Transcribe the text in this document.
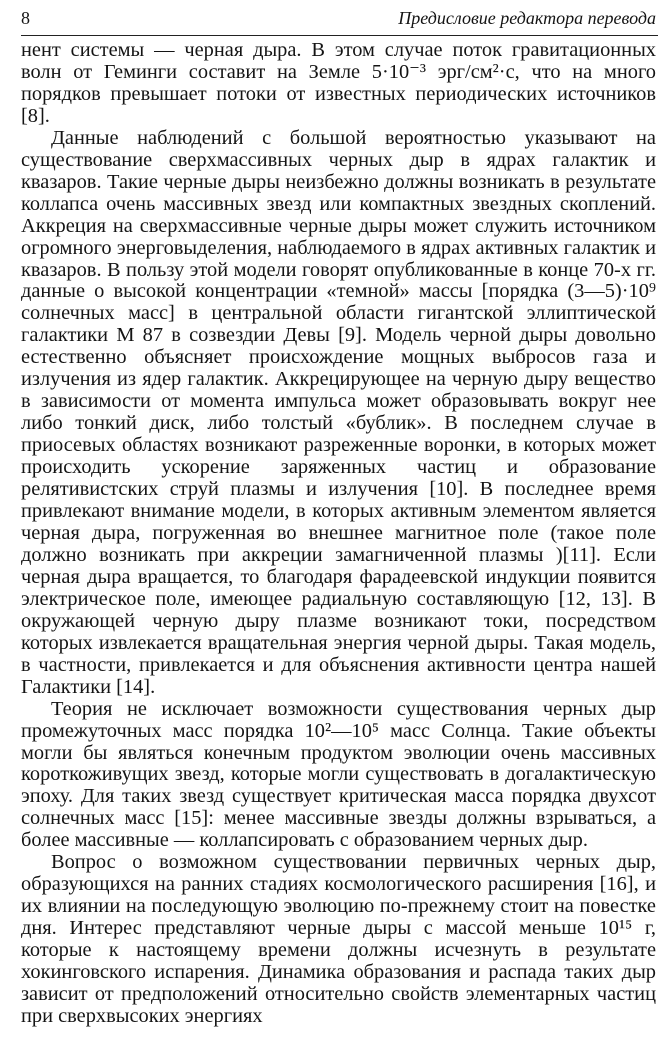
8	Предисловие редактора перевода

нент системы — черная дыра. В этом случае поток гравитационных волн от Геминги составит на Земле 5·10⁻³ эрг/см²·с, что на много порядков превышает потоки от известных периодических источников [8].

Данные наблюдений с большой вероятностью указывают на существование сверхмассивных черных дыр в ядрах галактик и квазаров. Такие черные дыры неизбежно должны возникать в результате коллапса очень массивных звезд или компактных звездных скоплений. Аккреция на сверхмассивные черные дыры может служить источником огромного энерговыделения, наблюдаемого в ядрах активных галактик и квазаров. В пользу этой модели говорят опубликованные в конце 70-х гг. данные о высокой концентрации «темной» массы [порядка (3—5)·10⁹ солнечных масс] в центральной области гигантской эллиптической галактики М 87 в созвездии Девы [9]. Модель черной дыры довольно естественно объясняет происхождение мощных выбросов газа и излучения из ядер галактик. Аккрецирующее на черную дыру веществo в зависимости от момента импульса может образовывать вокруг нее либо тонкий диск, либо толстый «бублик». В последнем случае в приосевых областях возникают разреженные воронки, в которых может происходить ускорение заряженных частиц и образование релятивистских струй плазмы и излучения [10]. В последнее время привлекают внимание модели, в которых активным элементом является черная дыра, погруженная во внешнее магнитное поле (такое поле должно возникать при аккреции замагниченной плазмы )[11]. Если черная дыра вращается, то благодаря фарадеевской индукции появится электрическое поле, имеющее радиальную составляющую [12, 13]. В окружающей черную дыру плазме возникают токи, посредством которых извлекается вращательная энергия черной дыры. Такая модель, в частности, привлекается и для объяснения активности центра нашей Галактики [14].

Теория не исключает возможности существования черных дыр промежуточных масс порядка 10²—10⁵ масс Солнца. Такие объекты могли бы являться конечным продуктом эволюции очень массивных короткоживущих звезд, которые могли существовать в догалактическую эпоху. Для таких звезд существует критическая масса порядка двухсот солнечных масс [15]: менее массивные звезды должны взрываться, а более массивные — коллапсировать с образованием черных дыр.

Вопрос о возможном существовании первичных черных дыр, образующихся на ранних стадиях космологического расширения [16], и их влиянии на последующую эволюцию по-прежнему стоит на повестке дня. Интерес представляют черные дыры с массой меньше 10¹⁵ г, которые к настоящему времени должны исчезнуть в результате хокинговского испарения. Динамика образования и распада таких дыр зависит от предположений относительно свойств элементарных частиц при сверхвысоких энергиях
